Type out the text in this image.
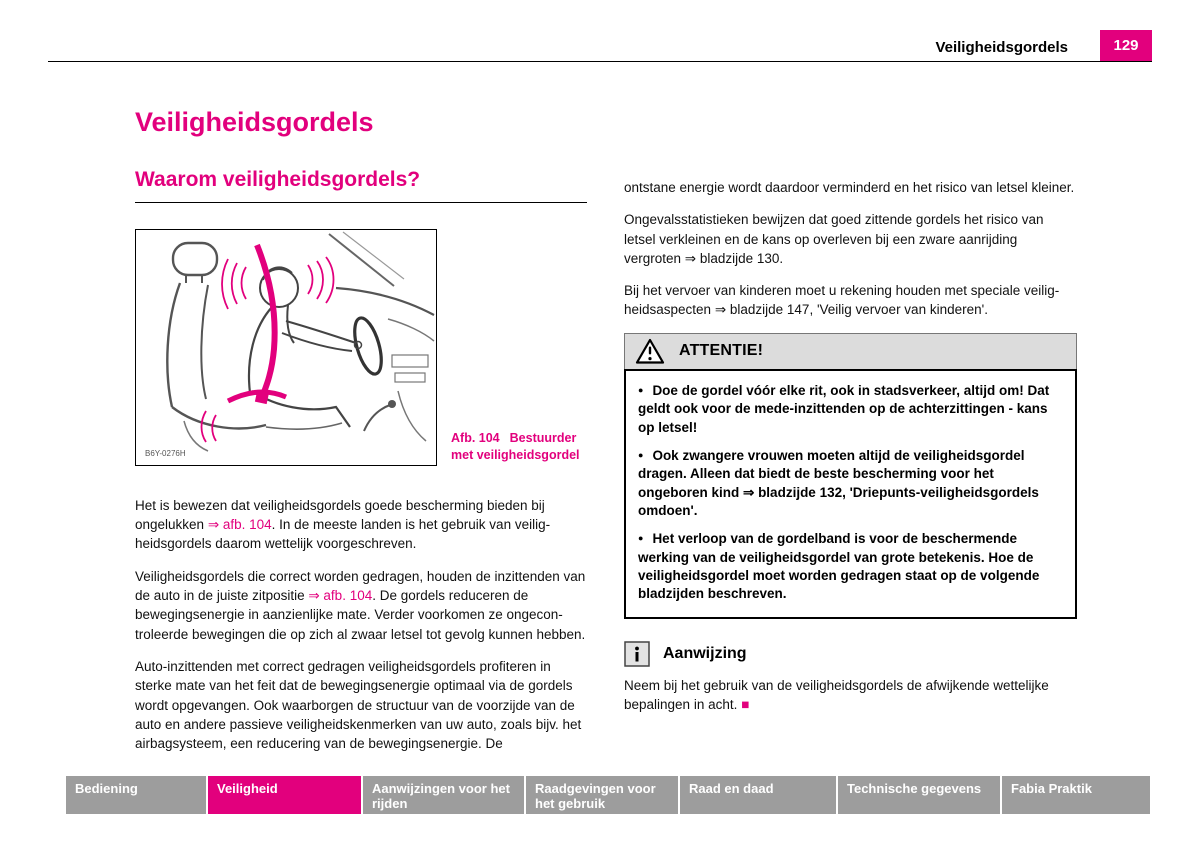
Veiligheidsgordels	129
Veiligheidsgordels
Waarom veiligheidsgordels?
B6Y-0276H
Afb. 104 Bestuurder met veiligheidsgordel

Het is bewezen dat veiligheidsgordels goede bescherming bieden bij ongelukken ⇒ afb. 104. In de meeste landen is het gebruik van veilig-heidsgordels daarom wettelijk voorgeschreven.

Veiligheidsgordels die correct worden gedragen, houden de inzittenden van de auto in de juiste zitpositie ⇒ afb. 104. De gordels reduceren de bewegingsenergie in aanzienlijke mate. Verder voorkomen ze ongecon-troleerde bewegingen die op zich al zwaar letsel tot gevolg kunnen hebben.

Auto-inzittenden met correct gedragen veiligheidsgordels profiteren in sterke mate van het feit dat de bewegingsenergie optimaal via de gordels wordt opgevangen. Ook waarborgen de structuur van de voorzijde van de auto en andere passieve veiligheidskenmerken van uw auto, zoals bijv. het airbagsysteem, een reducering van de bewegingsenergie. De

ontstane energie wordt daardoor verminderd en het risico van letsel kleiner.

Ongevalsstatistieken bewijzen dat goed zittende gordels het risico van letsel verkleinen en de kans op overleven bij een zware aanrijding vergroten ⇒ bladzijde 130.

Bij het vervoer van kinderen moet u rekening houden met speciale veilig-heidsaspecten ⇒ bladzijde 147, 'Veilig vervoer van kinderen'.

ATTENTIE!

● Doe de gordel vóór elke rit, ook in stadsverkeer, altijd om! Dat geldt ook voor de mede-inzittenden op de achterzittingen - kans op letsel!

● Ook zwangere vrouwen moeten altijd de veiligheidsgordel dragen. Alleen dat biedt de beste bescherming voor het ongeboren kind ⇒ bladzijde 132, 'Driepunts-veiligheidsgordels omdoen'.

● Het verloop van de gordelband is voor de beschermende werking van de veiligheidsgordel van grote betekenis. Hoe de veiligheidsgordel moet worden gedragen staat op de volgende bladzijden beschreven.

Aanwijzing

Neem bij het gebruik van de veiligheidsgordels de afwijkende wettelijke bepalingen in acht. ■

Bediening	Veiligheid	Aanwijzingen voor het rijden
Raadgevingen voor het gebruik
Raad en daad	Technische gegevens	Fabia Praktik
